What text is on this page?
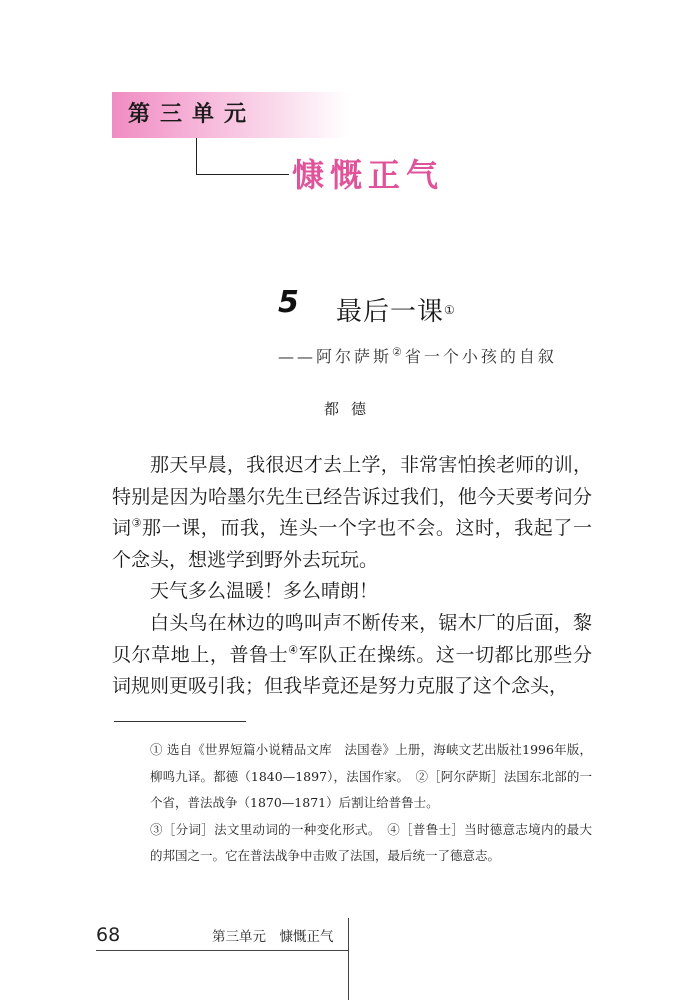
第三单元
慷慨正气
5 最后一课①
——阿尔萨斯②省一个小孩的自叙
都德

那天早晨，我很迟才去上学，非常害怕挨老师的训，特别是因为哈墨尔先生已经告诉过我们，他今天要考问分词③那一课，而我，连头一个字也不会。这时，我起了一个念头，想逃学到野外去玩玩。

天气多么温暖！多么晴朗！

白头鸟在林边的鸣叫声不断传来，锯木厂的后面，黎贝尔草地上，普鲁士④军队正在操练。这一切都比那些分词规则更吸引我；但我毕竟还是努力克服了这个念头，

① 选自《世界短篇小说精品文库　法国卷》上册，海峡文艺出版社1996年版，柳鸣九译。都德（1840—1897），法国作家。　②［阿尔萨斯］法国东北部的一个省，普法战争（1870—1871）后割让给普鲁士。

③［分词］法文里动词的一种变化形式。　④［普鲁士］当时德意志境内的最大的邦国之一。它在普法战争中击败了法国，最后统一了德意志。

68	第三单元　慷慨正气
